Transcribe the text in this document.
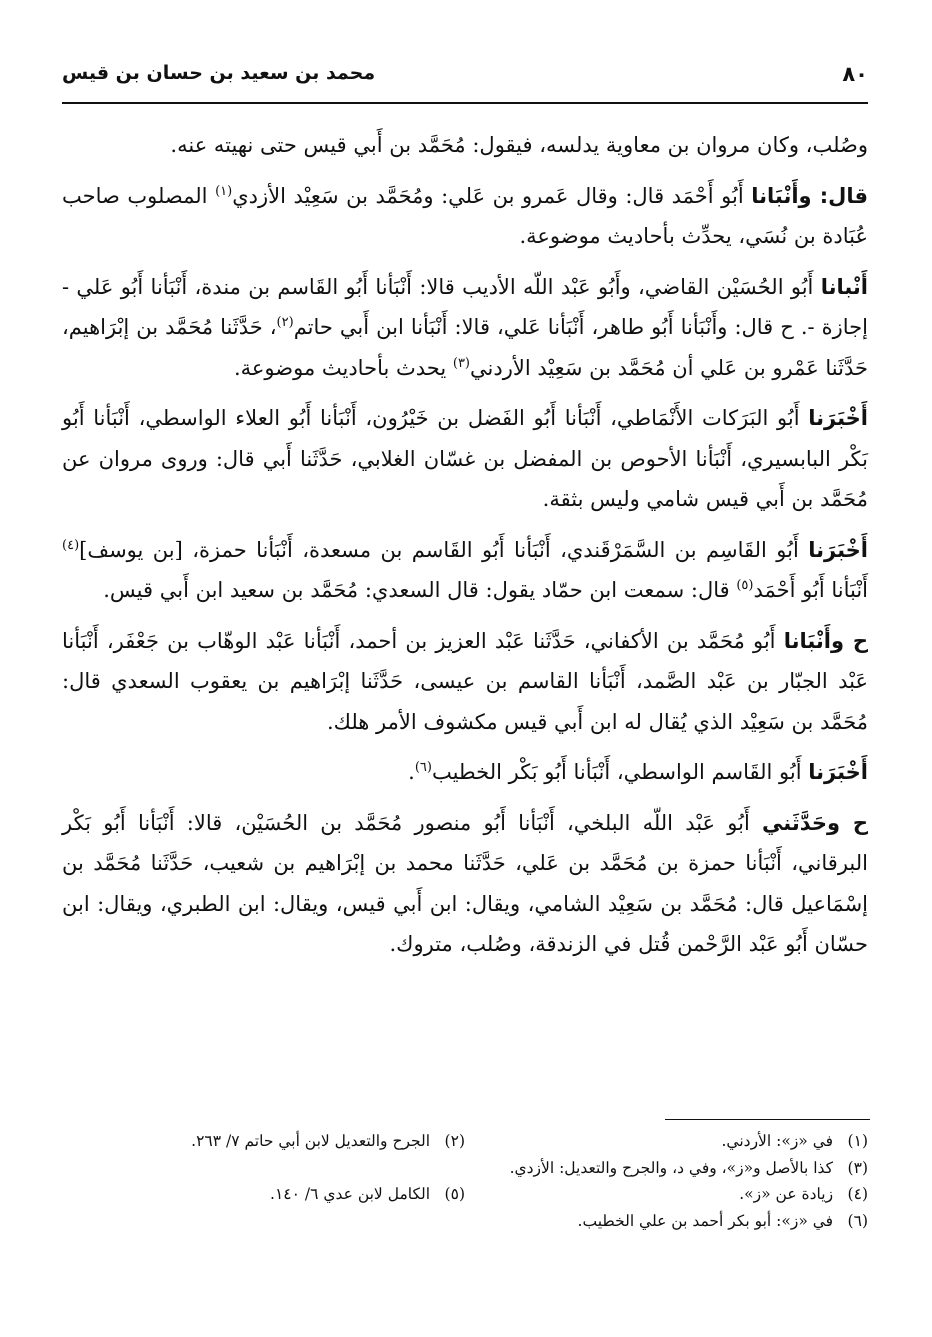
٨٠
محمد بن سعيد بن حسان بن قيس

وصُلب، وكان مروان بن معاوية يدلسه، فيقول: مُحَمَّد بن أَبي قيس حتى نهيته عنه.

قال: وأَنْبَانا أَبُو أَحْمَد قال: وقال عَمرو بن عَلي: ومُحَمَّد بن سَعِيْد الأزدي$^{(١)}$ المصلوب صاحب عُبَادة بن نُسَي، يحدِّث بأحاديث موضوعة.

أَنْبانا أَبُو الحُسَيْن القاضي، وأَبُو عَبْد اللّه الأديب قالا: أَنْبَأنا أَبُو القَاسم بن مندة، أَنْبَأنا أَبُو عَلي - إجازة -. ح قال: وأَنْبَأنا أَبُو طاهر، أَنْبَأنا عَلي، قالا: أَنْبَأنا ابن أَبي حاتم$^{(٢)}$، حَدَّثَنا مُحَمَّد بن إبْرَاهيم، حَدَّثَنا عَمْرو بن عَلي أن مُحَمَّد بن سَعِيْد الأردني$^{(٣)}$ يحدث بأحاديث موضوعة.

أَخْبَرَنا أَبُو البَرَكات الأَنْمَاطي، أَنْبَأنا أَبُو الفَضل بن خَيْرُون، أَنْبَأنا أَبُو العلاء الواسطي، أَنْبَأنا أَبُو بَكْر البابسيري، أَنْبَأنا الأحوص بن المفضل بن غسّان الغلابي، حَدَّثَنا أَبي قال: وروى مروان عن مُحَمَّد بن أَبي قيس شامي وليس بثقة.

أَخْبَرَنا أَبُو القَاسِم بن السَّمَرْقَندي، أَنْبَأنا أَبُو القَاسم بن مسعدة، أَنْبَأنا حمزة، [بن يوسف]$^{(٤)}$ أَنْبَأنا أَبُو أَحْمَد$^{(٥)}$ قال: سمعت ابن حمّاد يقول: قال السعدي: مُحَمَّد بن سعيد ابن أَبي قيس.

ح وأَنْبَانا أَبُو مُحَمَّد بن الأكفاني، حَدَّثَنا عَبْد العزيز بن أحمد، أَنْبَأنا عَبْد الوهّاب بن جَعْفَر، أَنْبَأنا عَبْد الجبّار بن عَبْد الصَّمد، أَنْبَأنا القاسم بن عيسى، حَدَّثَنا إبْرَاهيم بن يعقوب السعدي قال: مُحَمَّد بن سَعِيْد الذي يُقال له ابن أَبي قيس مكشوف الأمر هلك.

أَخْبَرَنا أَبُو القَاسم الواسطي، أَنْبَأنا أَبُو بَكْر الخطيب$^{(٦)}$.

ح وحَدَّثَني أَبُو عَبْد اللّه البلخي، أَنْبَأنا أَبُو منصور مُحَمَّد بن الحُسَيْن، قالا: أَنْبَأنا أَبُو بَكْر البرقاني، أَنْبَأنا حمزة بن مُحَمَّد بن عَلي، حَدَّثَنا محمد بن إبْرَاهيم بن شعيب، حَدَّثَنا مُحَمَّد بن إسْمَاعيل قال: مُحَمَّد بن سَعِيْد الشامي، ويقال: ابن أَبي قيس، ويقال: ابن الطبري، ويقال: ابن حسّان أَبُو عَبْد الرَّحْمن قُتل في الزندقة، وصُلب، متروك.

(١) في «ز»: الأردني.
(٢) الجرح والتعديل لابن أبي حاتم ٧/ ٢٦٣.
(٣) كذا بالأصل و«ز»، وفي د، والجرح والتعديل: الأزدي.
(٤) زيادة عن «ز».
(٥) الكامل لابن عدي ٦/ ١٤٠.
(٦) في «ز»: أبو بكر أحمد بن علي الخطيب.
